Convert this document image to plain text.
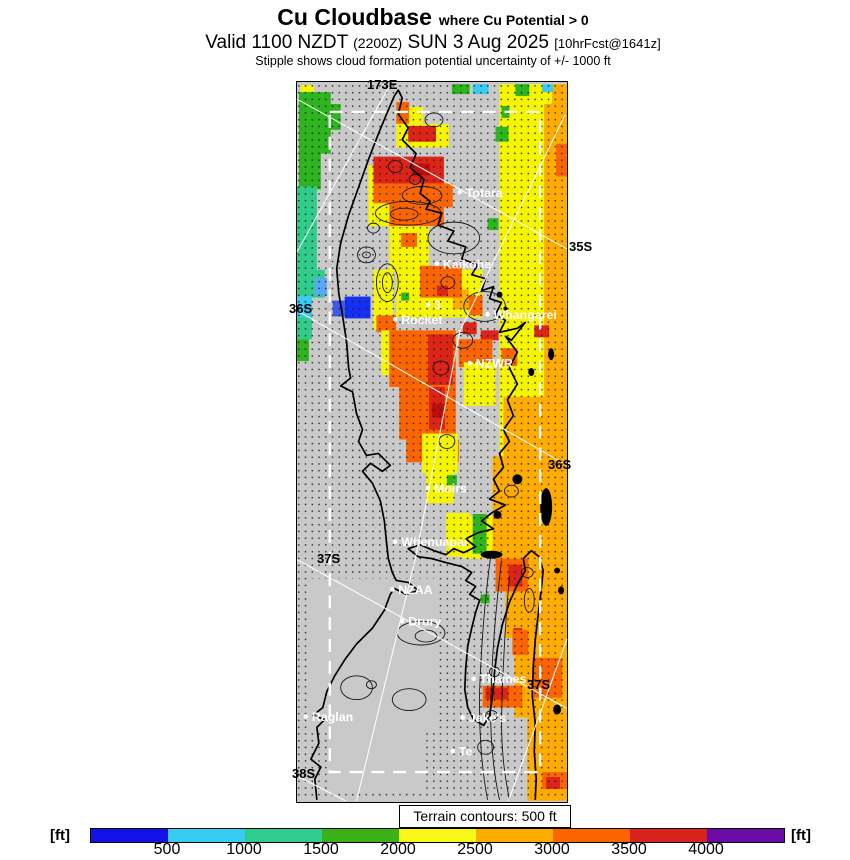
Cu Cloudbase where Cu Potential > 0
Valid 1100 NZDT (2200Z) SUN 3 Aug 2025 [10hrFcst@1641z]
Stipple shows cloud formation potential uncertainty of +/- 1000 ft
Totara
Kaikohe
Whangarei
3
Rocket
NZWR
Moirs
Whenuapai
NZAA
Drury
Thames
Jake's
Te
Raglan
Terrain contours: 500 ft
[ft]	[ft]
173E
35S
36S
36S
37S
37S
38S
500	1000	1500	2000	2500	3000	3500	4000
